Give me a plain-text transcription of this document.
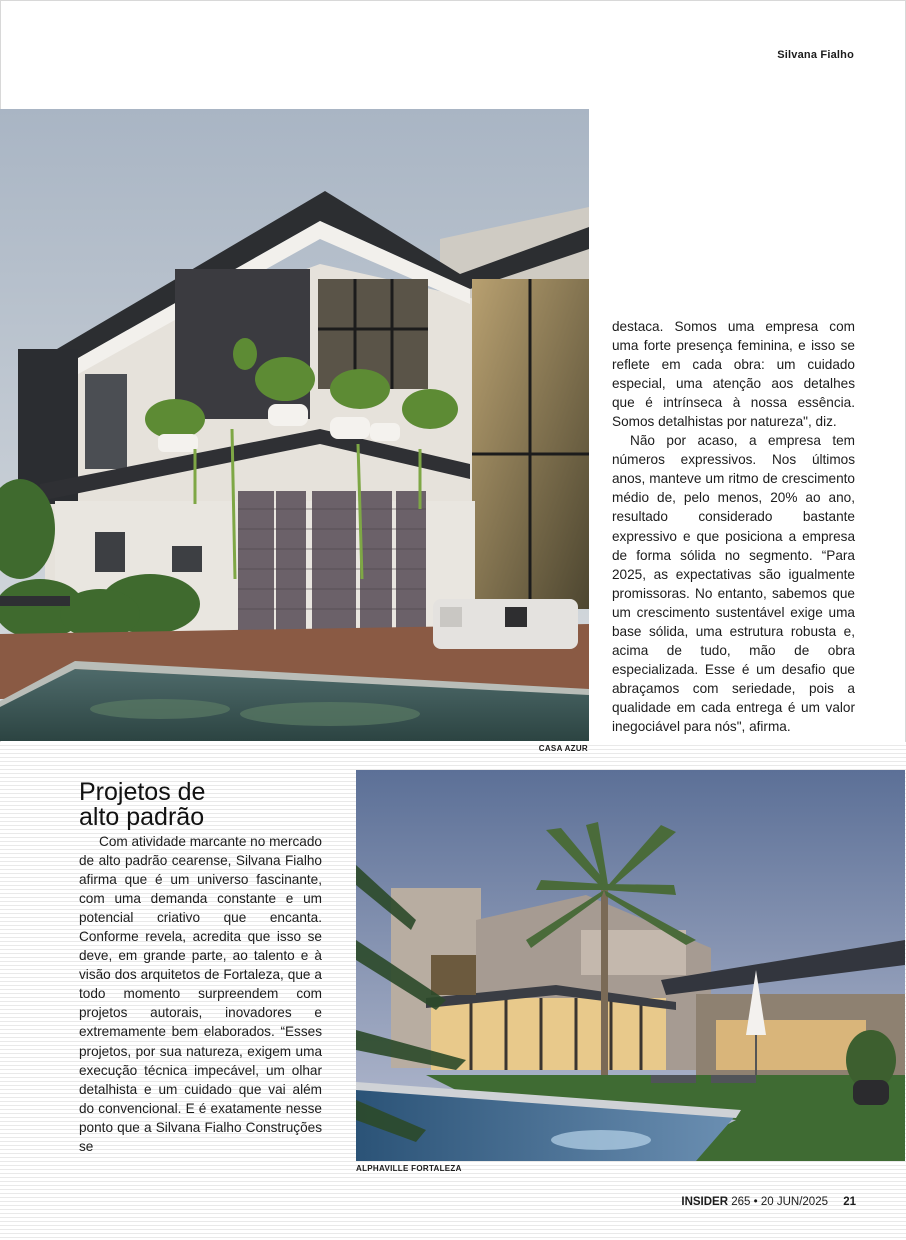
Silvana Fialho
CASA AZUR

destaca. Somos uma empresa com uma forte presença feminina, e isso se reflete em cada obra: um cuidado especial, uma atenção aos detalhes que é intrínseca à nossa essência. Somos detalhistas por natureza", diz.

Não por acaso, a empresa tem números expressivos. Nos últimos anos, manteve um ritmo de crescimento médio de, pelo menos, 20% ao ano, resultado considerado bastante expressivo e que posiciona a empresa de forma sólida no segmento. “Para 2025, as expectativas são igualmente promissoras. No entanto, sabemos que um crescimento sustentável exige uma base sólida, uma estrutura robusta e, acima de tudo, mão de obra especializada. Esse é um desafio que abraçamos com seriedade, pois a qualidade em cada entrega é um valor inegociável para nós", afirma.

Projetos de
alto padrão

Com atividade marcante no mercado de alto padrão cearense, Silvana Fialho afirma que é um universo fascinante, com uma demanda constante e um potencial criativo que encanta. Conforme revela, acredita que isso se deve, em grande parte, ao talento e à visão dos arquitetos de Fortaleza, que a todo momento surpreendem com projetos autorais, inovadores e extremamente bem elaborados. “Esses projetos, por sua natureza, exigem uma execução técnica impecável, um olhar detalhista e um cuidado que vai além do convencional. E é exatamente nesse ponto que a Silvana Fialho Construções se

ALPHAVILLE FORTALEZA
INSIDER 265 • 20 JUN/2025 21
